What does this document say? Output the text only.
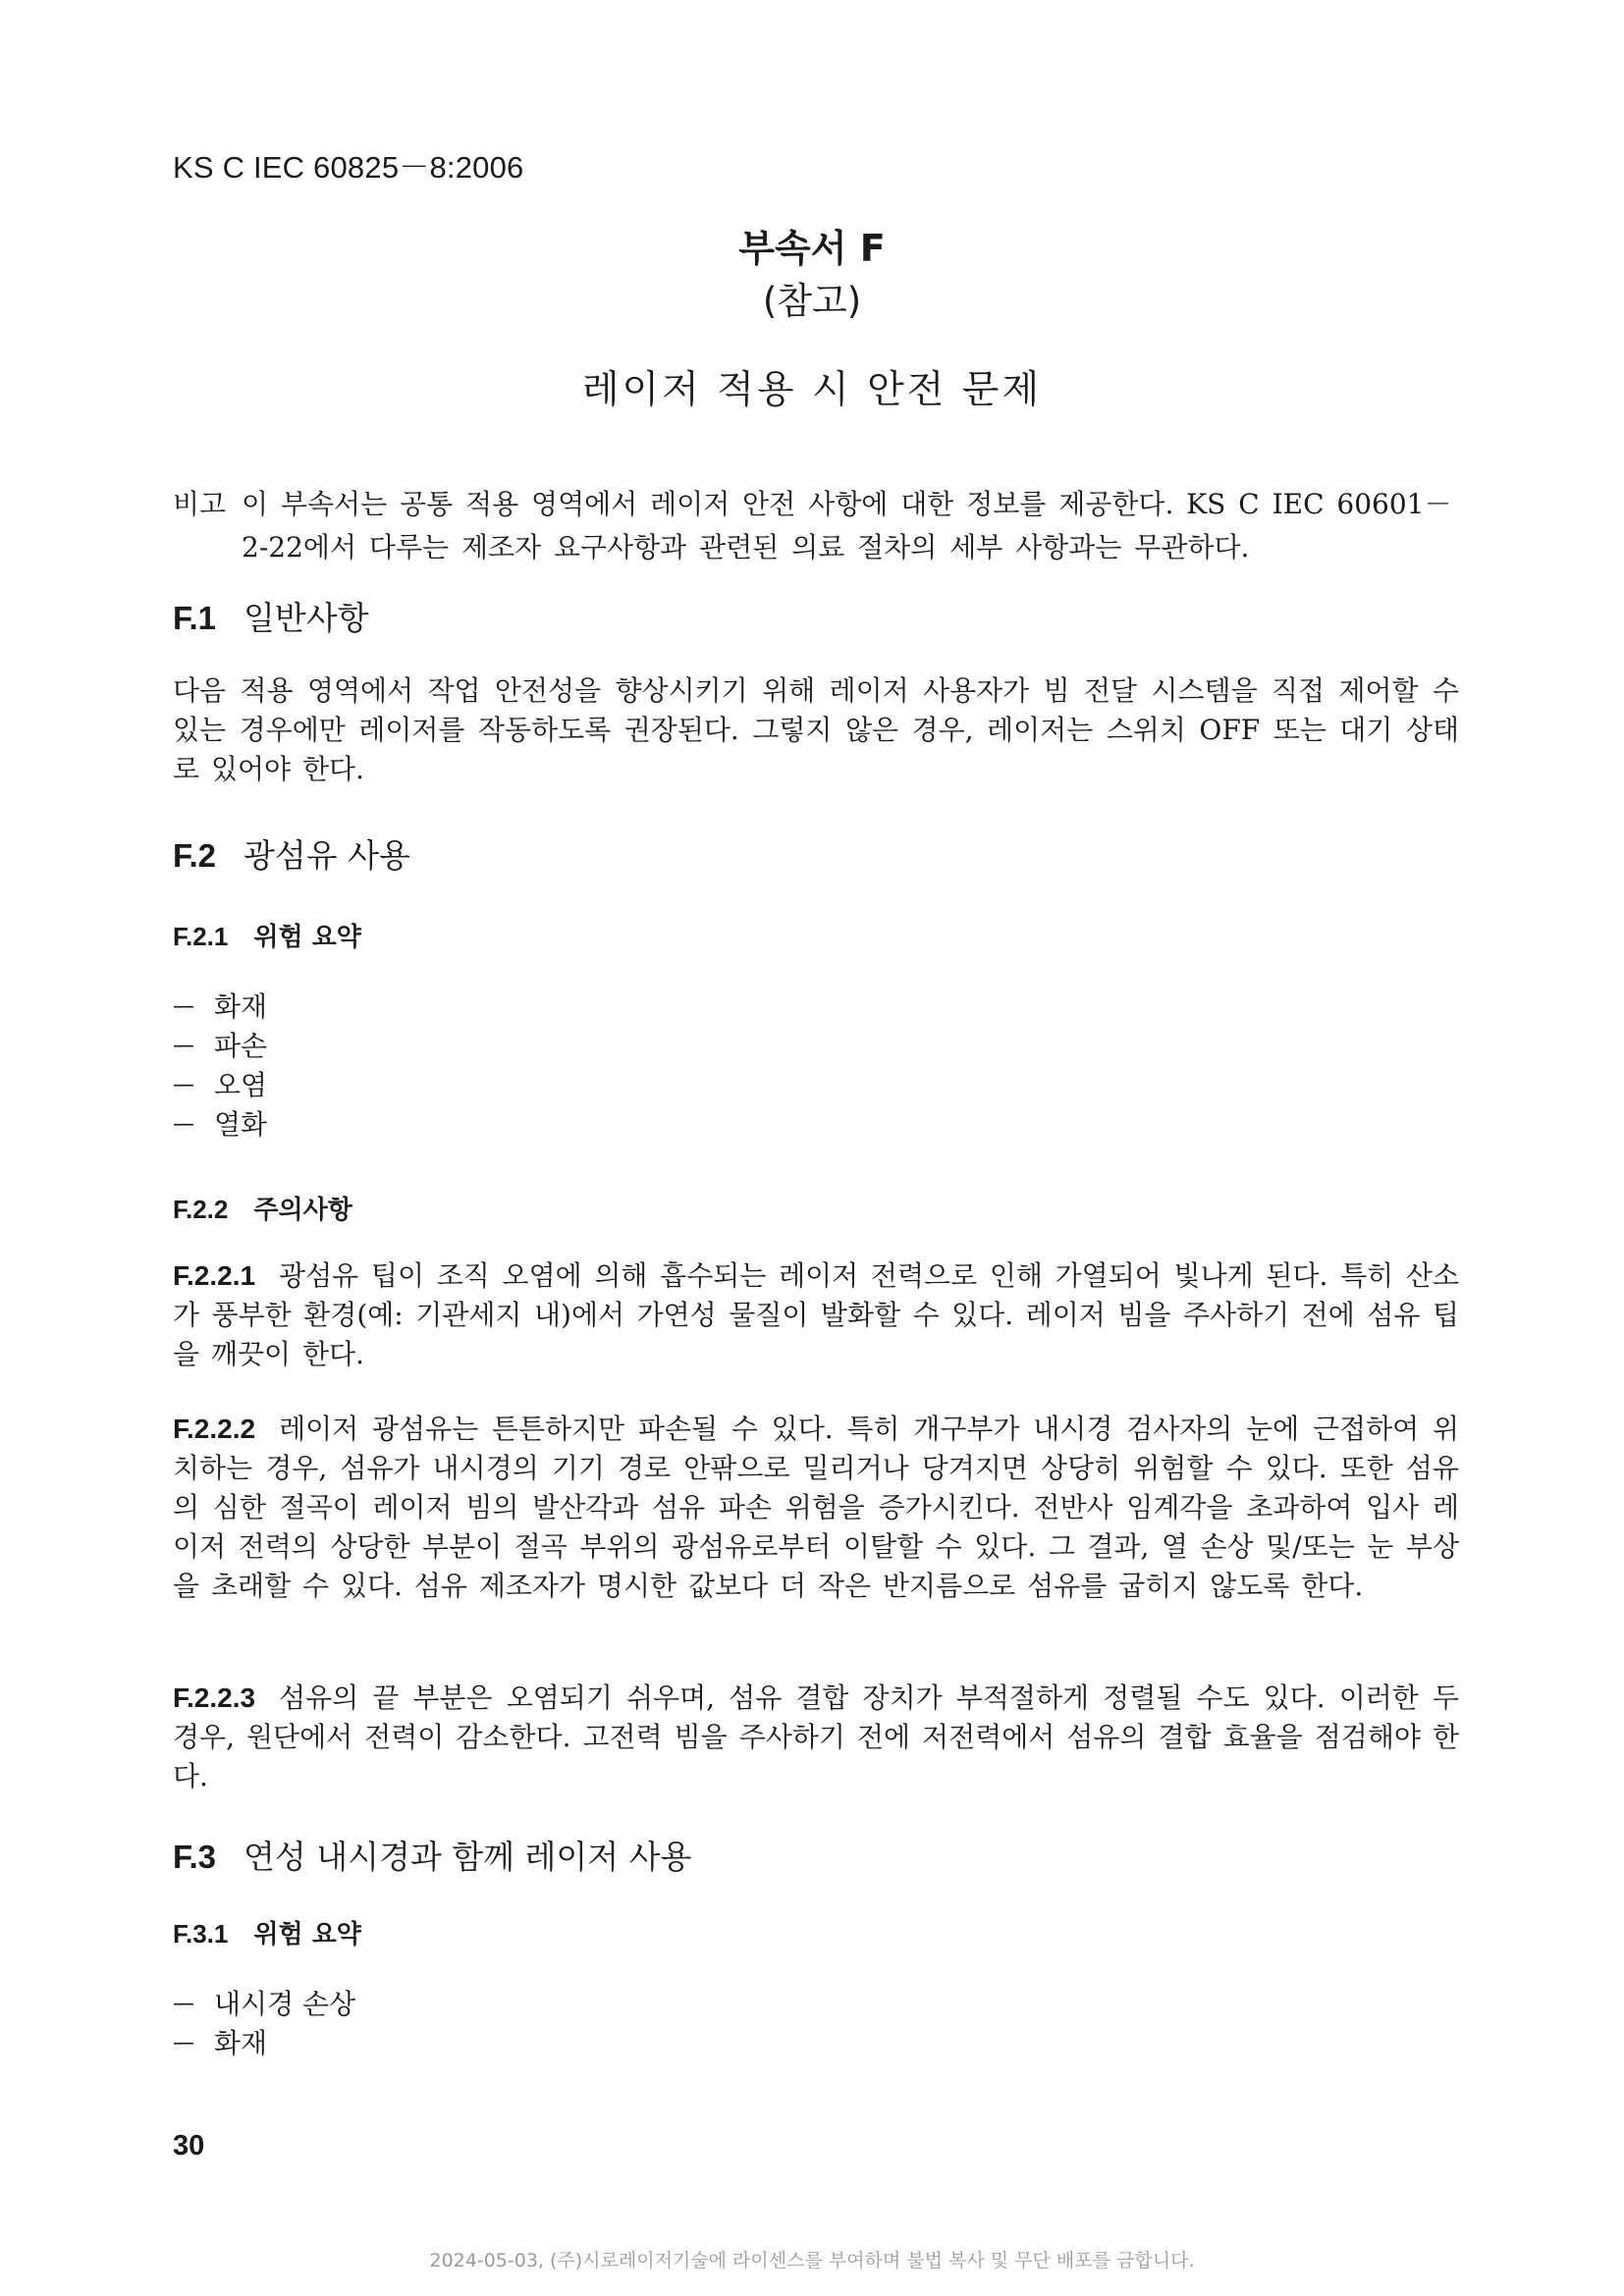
KS C IEC 60825－8:2006
부속서 F
(참고)
레이저 적용 시 안전 문제
비고 이 부속서는 공통 적용 영역에서 레이저 안전 사항에 대한 정보를 제공한다. KS C IEC 60601－
2-22에서 다루는 제조자 요구사항과 관련된 의료 절차의 세부 사항과는 무관하다.
F.1 일반사항
다음 적용 영역에서 작업 안전성을 향상시키기 위해 레이저 사용자가 빔 전달 시스템을 직접 제어할 수 있는 경우에만 레이저를 작동하도록 권장된다. 그렇지 않은 경우, 레이저는 스위치 OFF 또는 대기 상태로 있어야 한다.
F.2 광섬유 사용
F.2.1 위험 요약
— 화재
— 파손
— 오염
— 열화
F.2.2 주의사항
F.2.2.1 광섬유 팁이 조직 오염에 의해 흡수되는 레이저 전력으로 인해 가열되어 빛나게 된다. 특히 산소가 풍부한 환경(예: 기관세지 내)에서 가연성 물질이 발화할 수 있다. 레이저 빔을 주사하기 전에 섬유 팁을 깨끗이 한다.
F.2.2.2 레이저 광섬유는 튼튼하지만 파손될 수 있다. 특히 개구부가 내시경 검사자의 눈에 근접하여 위치하는 경우, 섬유가 내시경의 기기 경로 안팎으로 밀리거나 당겨지면 상당히 위험할 수 있다. 또한 섬유의 심한 절곡이 레이저 빔의 발산각과 섬유 파손 위험을 증가시킨다. 전반사 임계각을 초과하여 입사 레이저 전력의 상당한 부분이 절곡 부위의 광섬유로부터 이탈할 수 있다. 그 결과, 열 손상 및/또는 눈 부상을 초래할 수 있다. 섬유 제조자가 명시한 값보다 더 작은 반지름으로 섬유를 굽히지 않도록 한다.
F.2.2.3 섬유의 끝 부분은 오염되기 쉬우며, 섬유 결합 장치가 부적절하게 정렬될 수도 있다. 이러한 두 경우, 원단에서 전력이 감소한다. 고전력 빔을 주사하기 전에 저전력에서 섬유의 결합 효율을 점검해야 한다.
F.3 연성 내시경과 함께 레이저 사용
F.3.1 위험 요약
— 내시경 손상
— 화재
30
2024-05-03, (주)시로레이저기술에 라이센스를 부여하며 불법 복사 및 무단 배포를 금합니다.
